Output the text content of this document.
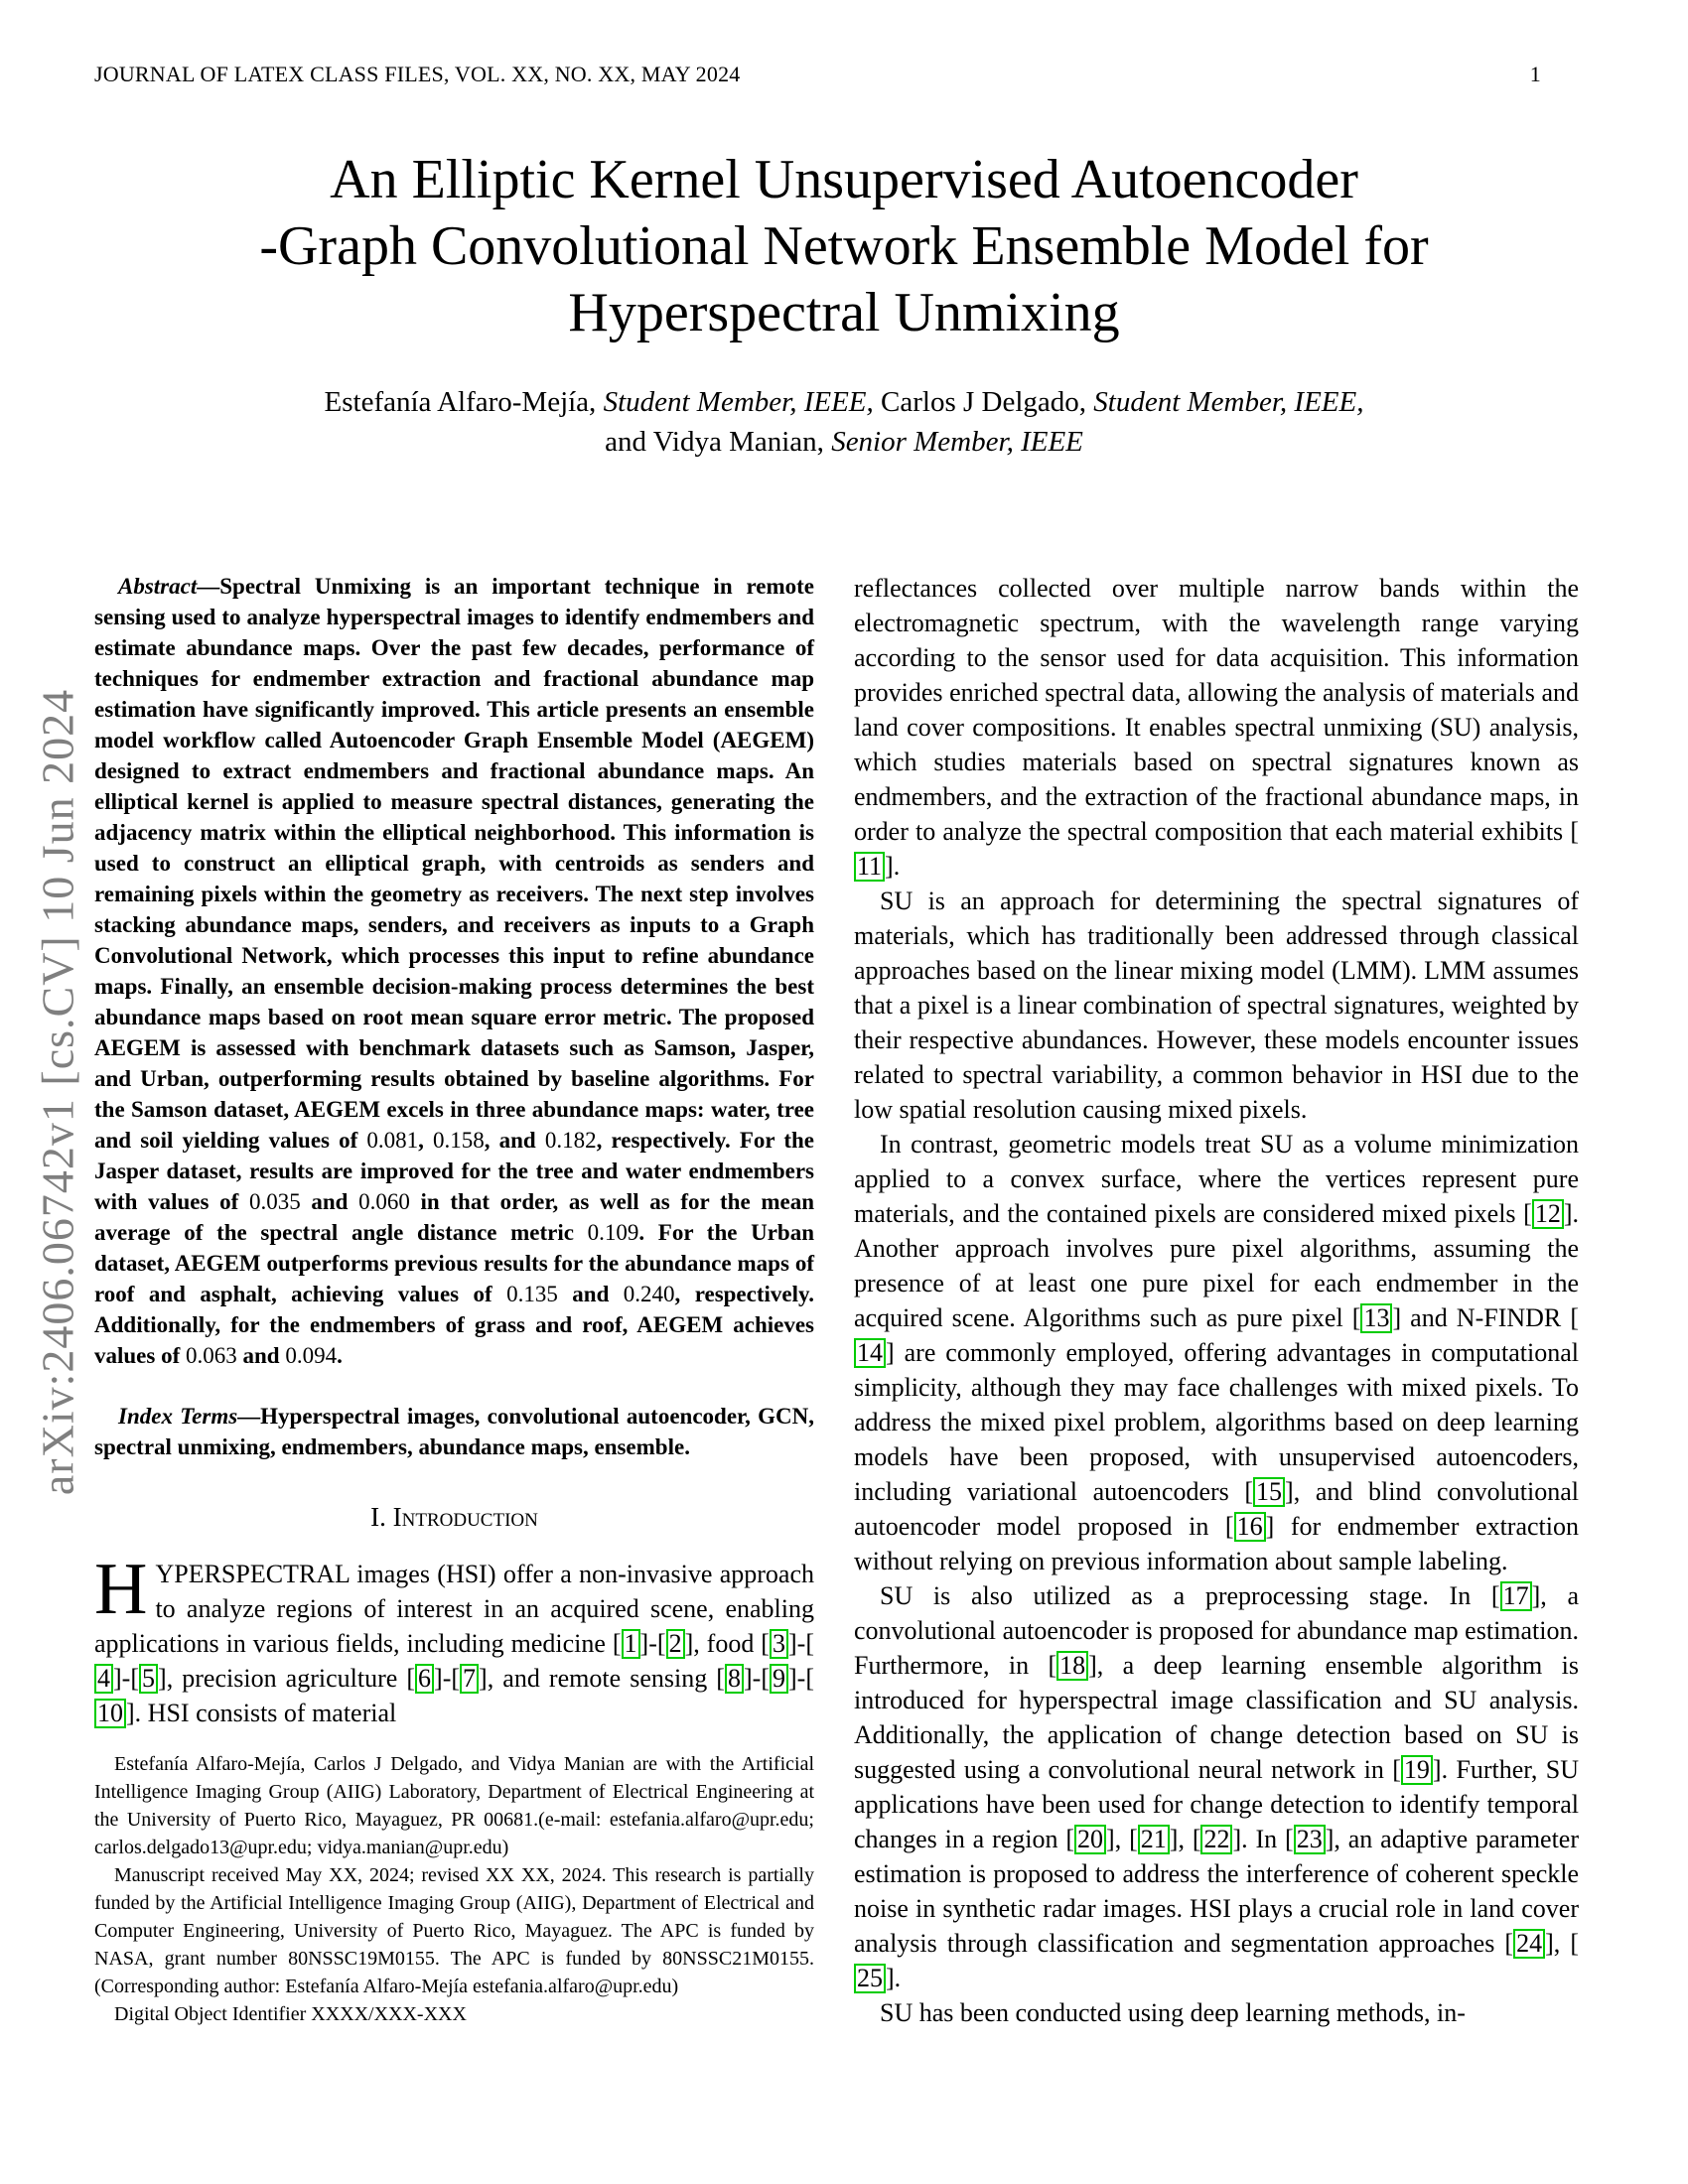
JOURNAL OF LATEX CLASS FILES, VOL. XX, NO. XX, MAY 2024	1
arXiv:2406.06742v1 [cs.CV] 10 Jun 2024
An Elliptic Kernel Unsupervised Autoencoder
-Graph Convolutional Network Ensemble Model for
Hyperspectral Unmixing
Estefanía Alfaro-Mejía, Student Member, IEEE, Carlos J Delgado, Student Member, IEEE,
and Vidya Manian, Senior Member, IEEE

Abstract—Spectral Unmixing is an important technique in remote sensing used to analyze hyperspectral images to identify endmembers and estimate abundance maps. Over the past few decades, performance of techniques for endmember extraction and fractional abundance map estimation have significantly improved. This article presents an ensemble model workflow called Autoencoder Graph Ensemble Model (AEGEM) designed to extract endmembers and fractional abundance maps. An elliptical kernel is applied to measure spectral distances, generating the adjacency matrix within the elliptical neighborhood. This information is used to construct an elliptical graph, with centroids as senders and remaining pixels within the geometry as receivers. The next step involves stacking abundance maps, senders, and receivers as inputs to a Graph Convolutional Network, which processes this input to refine abundance maps. Finally, an ensemble decision-making process determines the best abundance maps based on root mean square error metric. The proposed AEGEM is assessed with benchmark datasets such as Samson, Jasper, and Urban, outperforming results obtained by baseline algorithms. For the Samson dataset, AEGEM excels in three abundance maps: water, tree and soil yielding values of 0.081, 0.158, and 0.182, respectively. For the Jasper dataset, results are improved for the tree and water endmembers with values of 0.035 and 0.060 in that order, as well as for the mean average of the spectral angle distance metric 0.109. For the Urban dataset, AEGEM outperforms previous results for the abundance maps of roof and asphalt, achieving values of 0.135 and 0.240, respectively. Additionally, for the endmembers of grass and roof, AEGEM achieves values of 0.063 and 0.094.

Index Terms—Hyperspectral images, convolutional autoencoder, GCN, spectral unmixing, endmembers, abundance maps, ensemble.

I. Introduction

HYPERSPECTRAL images (HSI) offer a non-invasive approach to analyze regions of interest in an acquired scene, enabling applications in various fields, including medicine [ 1 ]-[ 2 ], food [ 3 ]-[4 ]-[ 5 ], precision agriculture [ 6 ]-[ 7 ], and remote sensing [ 8 ]-[ 9 ]-[10 ]. HSI consists of material

Estefanía Alfaro-Mejía, Carlos J Delgado, and Vidya Manian are with the Artificial Intelligence Imaging Group (AIIG) Laboratory, Department of Electrical Engineering at the University of Puerto Rico, Mayaguez, PR 00681.(e-mail: estefania.alfaro@upr.edu; carlos.delgado13@upr.edu; vidya.manian@upr.edu)

Manuscript received May XX, 2024; revised XX XX, 2024. This research is partially funded by the Artificial Intelligence Imaging Group (AIIG), Department of Electrical and Computer Engineering, University of Puerto Rico, Mayaguez. The APC is funded by NASA, grant number 80NSSC19M0155. The APC is funded by 80NSSC21M0155. (Corresponding author: Estefanía Alfaro-Mejía estefania.alfaro@upr.edu)

Digital Object Identifier XXXX/XXX-XXX

reflectances collected over multiple narrow bands within the electromagnetic spectrum, with the wavelength range varying according to the sensor used for data acquisition. This information provides enriched spectral data, allowing the analysis of materials and land cover compositions. It enables spectral unmixing (SU) analysis, which studies materials based on spectral signatures known as endmembers, and the extraction of the fractional abundance maps, in order to analyze the spectral composition that each material exhibits [11 ].

SU is an approach for determining the spectral signatures of materials, which has traditionally been addressed through classical approaches based on the linear mixing model (LMM). LMM assumes that a pixel is a linear combination of spectral signatures, weighted by their respective abundances. However, these models encounter issues related to spectral variability, a common behavior in HSI due to the low spatial resolution causing mixed pixels.

In contrast, geometric models treat SU as a volume minimization applied to a convex surface, where the vertices represent pure materials, and the contained pixels are considered mixed pixels [ 12 ]. Another approach involves pure pixel algorithms, assuming the presence of at least one pure pixel for each endmember in the acquired scene. Algorithms such as pure pixel [ 13 ] and N-FINDR [14 ] are commonly employed, offering advantages in computational simplicity, although they may face challenges with mixed pixels. To address the mixed pixel problem, algorithms based on deep learning models have been proposed, with unsupervised autoencoders, including variational autoencoders [ 15 ], and blind convolutional autoencoder model proposed in [ 16 ] for endmember extraction without relying on previous information about sample labeling.

SU is also utilized as a preprocessing stage. In [ 17 ], a convolutional autoencoder is proposed for abundance map estimation. Furthermore, in [ 18 ], a deep learning ensemble algorithm is introduced for hyperspectral image classification and SU analysis. Additionally, the application of change detection based on SU is suggested using a convolutional neural network in [ 19 ]. Further, SU applications have been used for change detection to identify temporal changes in a region [ 20 ], [ 21 ], [ 22 ]. In [ 23 ], an adaptive parameter estimation is proposed to address the interference of coherent speckle noise in synthetic radar images. HSI plays a crucial role in land cover analysis through classification and segmentation approaches [ 24 ], [25 ].

SU has been conducted using deep learning methods, in-
